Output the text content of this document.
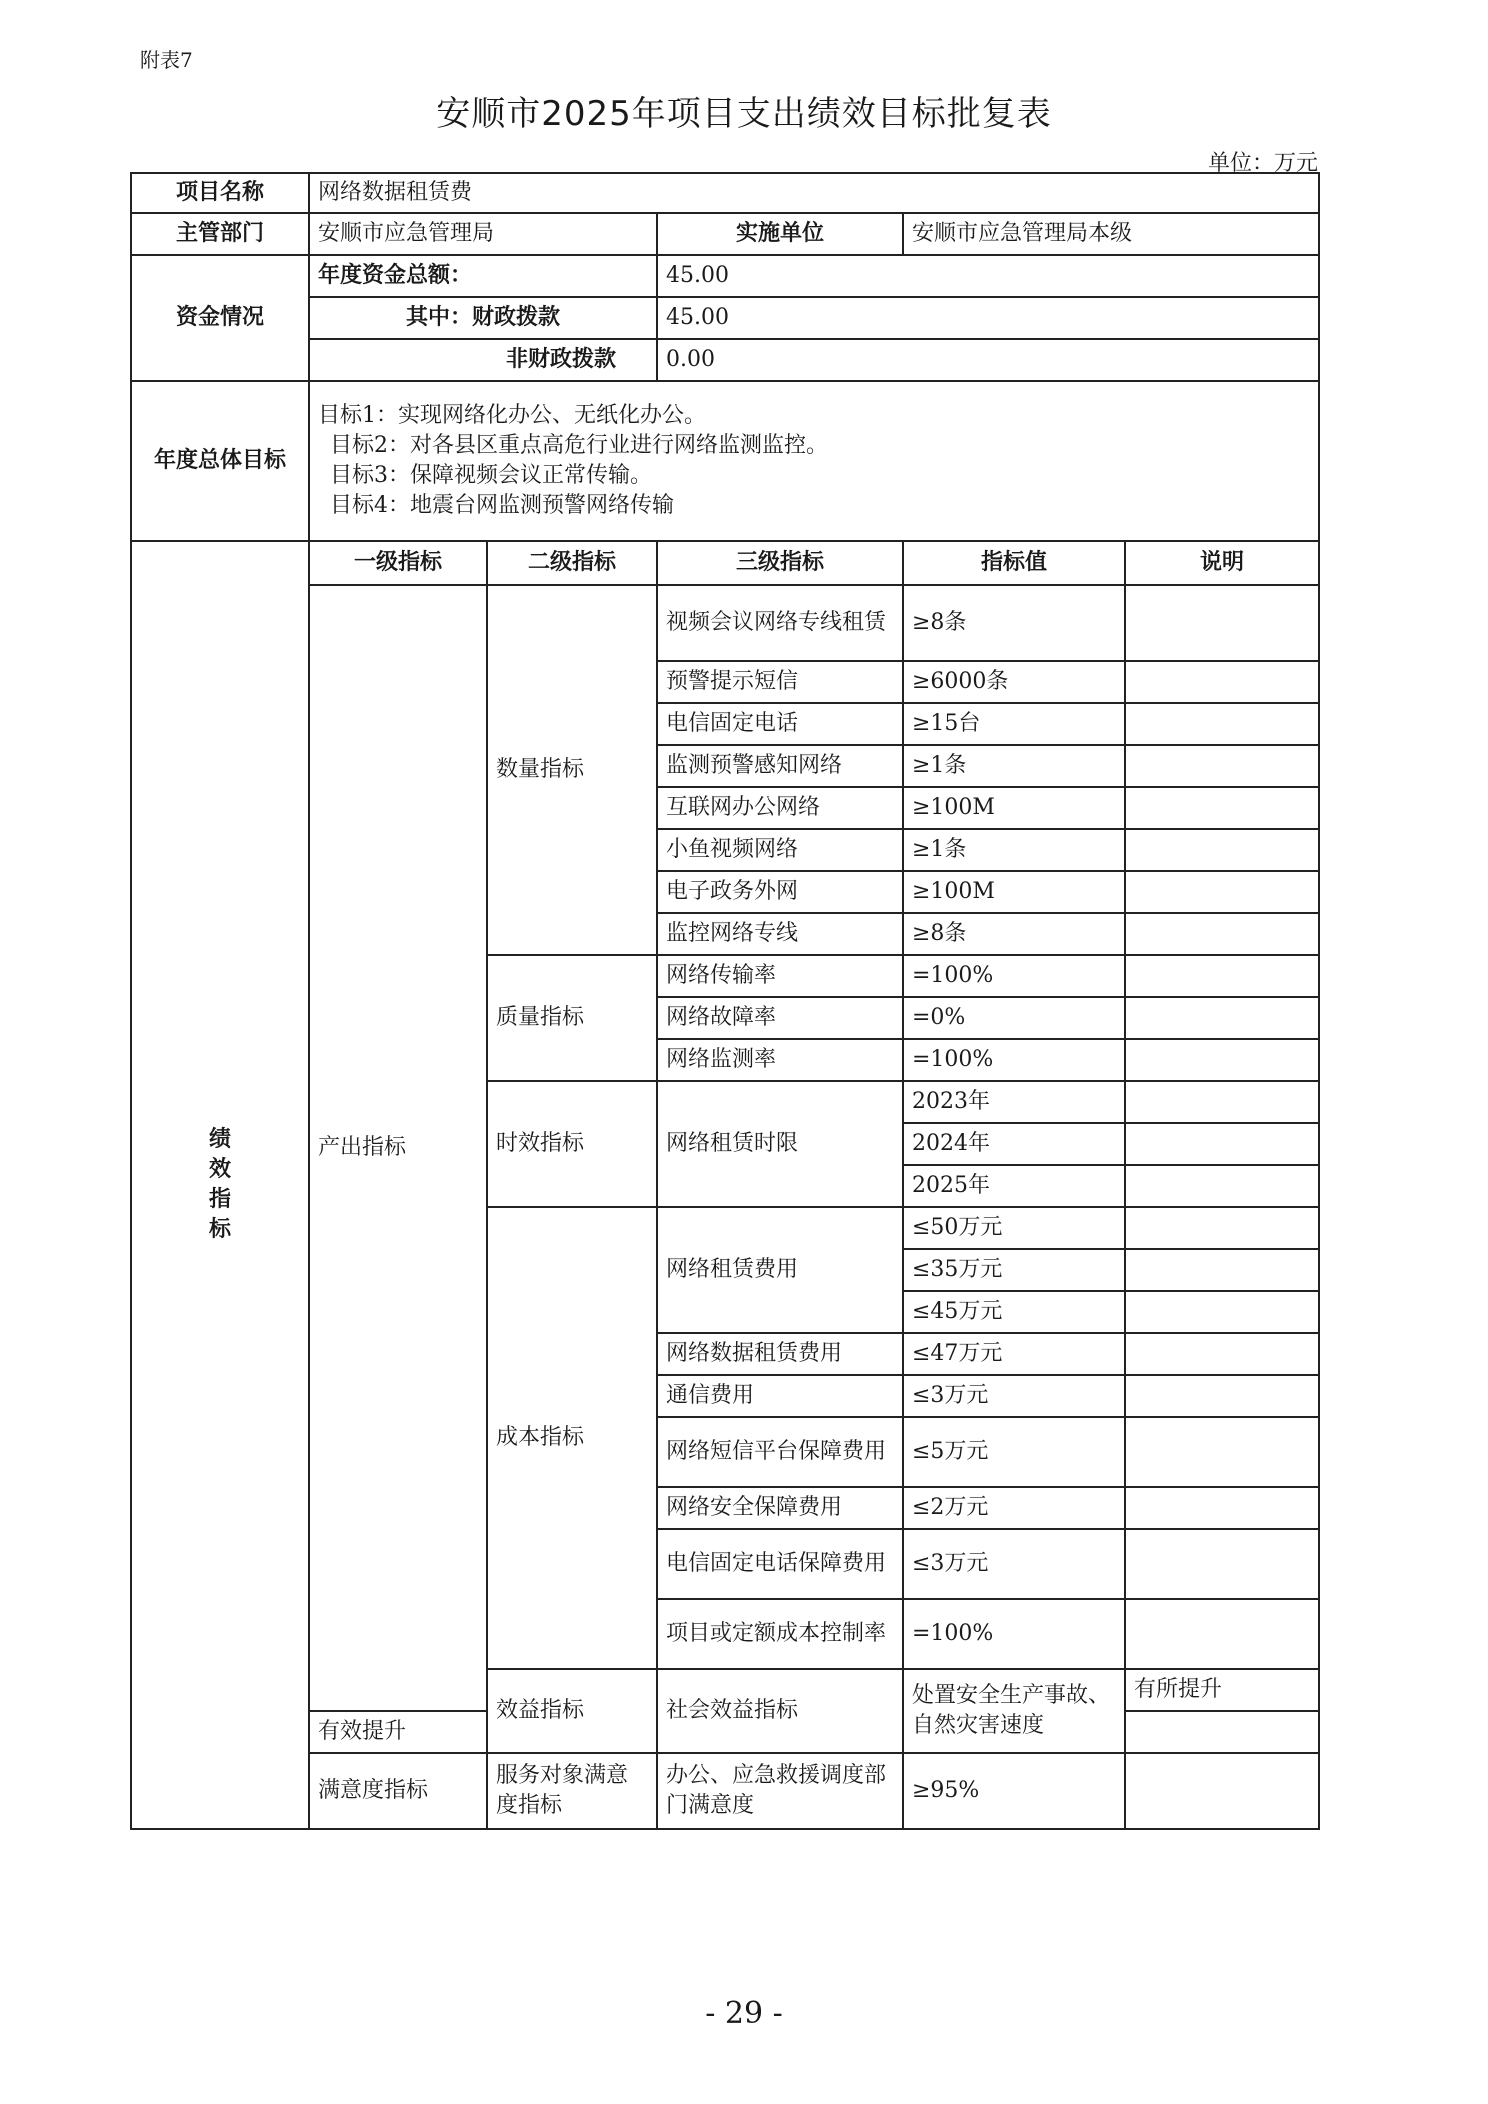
附表7
安顺市2025年项目支出绩效目标批复表
单位：万元
项目名称	网络数据租赁费					
主管部门	安顺市应急管理局		实施单位	安顺市应急管理局本级		
资金情况	年度资金总额：		45.00			
	其中：财政拨款		45.00			
	非财政拨款		0.00			
年度总体目标	目标1：实现网络化办公、无纸化办公。
目标2：对各县区重点高危行业进行网络监测监控。
目标3：保障视频会议正常传输。
目标4：地震台网监测预警网络传输					

绩
效
指
标	一级指标	二级指标	三级指标	指标值	说明	
	产出指标	数量指标	视频会议网络专线租赁	≥8条		
			预警提示短信	≥6000条		
			电信固定电话	≥15台		
			监测预警感知网络	≥1条		
			互联网办公网络	≥100M		
			小鱼视频网络	≥1条		
			电子政务外网	≥100M		
			监控网络专线	≥8条		
		质量指标	网络传输率	=100%		
			网络故障率	=0%		
			网络监测率	=100%		
		时效指标	网络租赁时限	2023年		
				2024年		
				2025年		
		成本指标	网络租赁费用	≤50万元		
				≤35万元		
				≤45万元		
			网络数据租赁费用	≤47万元		
			通信费用	≤3万元		
			网络短信平台保障费用	≤5万元		
			网络安全保障费用	≤2万元		
			电信固定电话保障费用	≤3万元		
			项目或定额成本控制率	=100%		
		效益指标	社会效益指标	处置安全生产事故、自然灾害速度	有所提升	
	有效提升					
	满意度指标	服务对象满意度指标	办公、应急救援调度部门满意度	≥95%		
- 29 -
